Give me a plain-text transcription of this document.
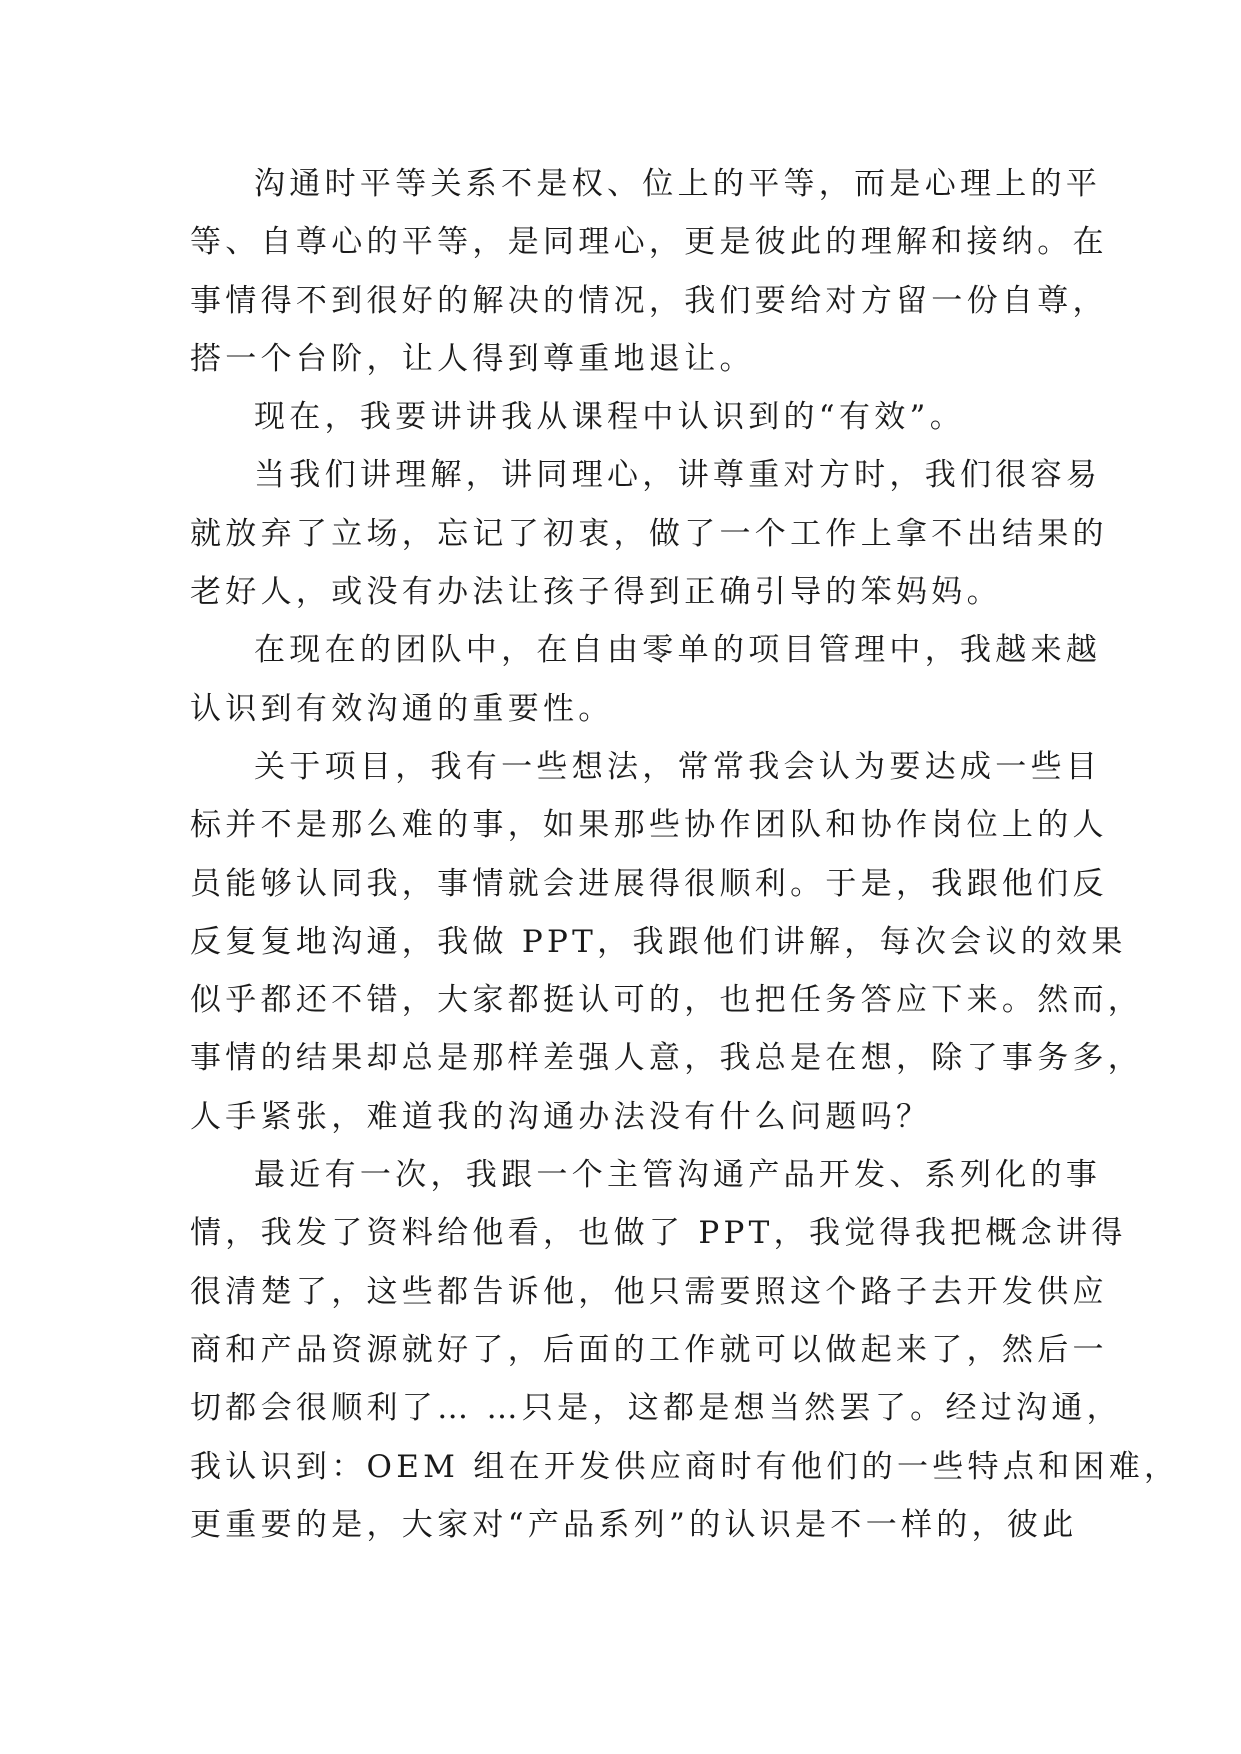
沟通时平等关系不是权、位上的平等，而是心理上的平
等、自尊心的平等，是同理心，更是彼此的理解和接纳。在
事情得不到很好的解决的情况，我们要给对方留一份自尊，
搭一个台阶，让人得到尊重地退让。
现在，我要讲讲我从课程中认识到的“有效”。
当我们讲理解，讲同理心，讲尊重对方时，我们很容易
就放弃了立场，忘记了初衷，做了一个工作上拿不出结果的
老好人，或没有办法让孩子得到正确引导的笨妈妈。
在现在的团队中，在自由零单的项目管理中，我越来越
认识到有效沟通的重要性。
关于项目，我有一些想法，常常我会认为要达成一些目
标并不是那么难的事，如果那些协作团队和协作岗位上的人
员能够认同我，事情就会进展得很顺利。于是，我跟他们反
反复复地沟通，我做 PPT，我跟他们讲解，每次会议的效果
似乎都还不错，大家都挺认可的，也把任务答应下来。然而，
事情的结果却总是那样差强人意，我总是在想，除了事务多，
人手紧张，难道我的沟通办法没有什么问题吗？
最近有一次，我跟一个主管沟通产品开发、系列化的事
情，我发了资料给他看，也做了 PPT，我觉得我把概念讲得
很清楚了，这些都告诉他，他只需要照这个路子去开发供应
商和产品资源就好了，后面的工作就可以做起来了，然后一
切都会很顺利了… …只是，这都是想当然罢了。经过沟通，
我认识到：OEM 组在开发供应商时有他们的一些特点和困难，
更重要的是，大家对“产品系列”的认识是不一样的，彼此
